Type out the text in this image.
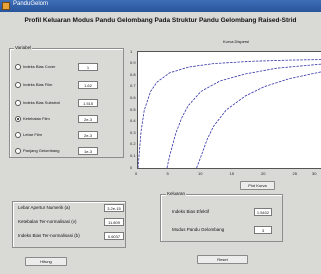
PanduGelom
Profil Keluaran Modus Pandu Gelombang Pada Struktur Pandu Gelombang Raised-Strid
Variabel
Indeks Bias Cover	1
Indeks Bias Film	1.62
Indeks Bias Substrat	1.515
Ketebalan Film	2e-3
Lebar Film	2e-3
Panjang Gelombang	1e-3
Kurva Dispersi
0
0.1
0.2
0.3
0.4
0.5
0.6
0.7
0.8
0.9
1
0	5	10	15	20	25	30
Plot Kurva
Lebar Apertur Numerik (a)	3.2e-15
Ketebalan Ter-normalisasi (v)	11.809
Indeks Bias Ter-normalisasi (b)	0.6037
Keluaran
Indeks Bias Efektif	1.5402
Modus Pandu Gelombang	3
Hitung	Reset
